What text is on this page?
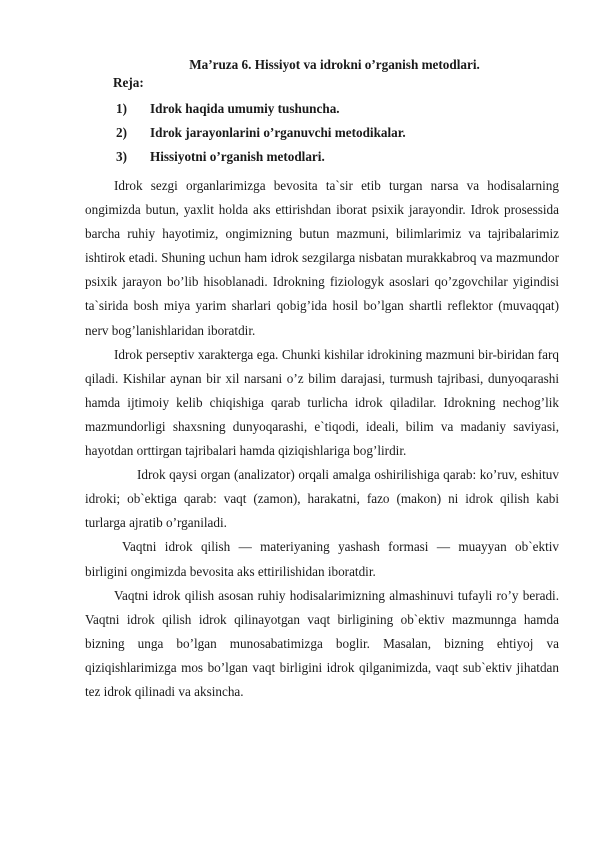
Ma’ruza 6. Hissiyot va idrokni o’rganish metodlari.
Reja:
1) Idrok haqida umumiy tushuncha.
2) Idrok jarayonlarini o’rganuvchi metodikalar.
3) Hissiyotni o’rganish metodlari.

Idrok sezgi organlarimizga bevosita ta`sir etib turgan narsa va hodisalarning ongimizda butun, yaxlit holda aks ettirishdan iborat psixik jarayondir. Idrok prosessida barcha ruhiy hayotimiz, ongimizning butun mazmuni, bilimlarimiz va tajribalarimiz ishtirok etadi. Shuning uchun ham idrok sezgilarga nisbatan murakkabroq va mazmundor psixik jarayon bo’lib hisoblanadi. Idrokning fiziologyk asoslari qo’zgovchilar yigindisi ta`sirida bosh miya yarim sharlari qobig’ida hosil bo’lgan shartli reflektor (muvaqqat) nerv bog’lanishlaridan iboratdir.

Idrok perseptiv xarakterga ega. Chunki kishilar idrokining mazmuni bir-biridan farq qiladi. Kishilar aynan bir xil narsani o’z bilim darajasi, turmush tajribasi, dunyoqarashi hamda ijtimoiy kelib chiqishiga qarab turlicha idrok qiladilar. Idrokning nechog’lik mazmundorligi shaxsning dunyoqarashi, e`tiqodi, ideali, bilim va madaniy saviyasi, hayotdan orttirgan tajribalari hamda qiziqishlariga bog’lirdir.

Idrok qaysi organ (analizator) orqali amalga oshirilishiga qarab: ko’ruv, eshituv idroki; ob`ektiga qarab: vaqt (zamon), harakatni, fazo (makon) ni idrok qilish kabi turlarga ajratib o’rganiladi.

Vaqtni idrok qilish — materiyaning yashash formasi — muayyan ob`ektiv birligini ongimizda bevosita aks ettirilishidan iboratdir.

Vaqtni idrok qilish asosan ruhiy hodisalarimizning almashinuvi tufayli ro’y beradi. Vaqtni idrok qilish idrok qilinayotgan vaqt birligining ob`ektiv mazmunnga hamda bizning unga bo’lgan munosabatimizga boglir. Masalan, bizning ehtiyoj va qiziqishlarimizga mos bo’lgan vaqt birligini idrok qilganimizda, vaqt sub`ektiv jihatdan tez idrok qilinadi va aksincha.
